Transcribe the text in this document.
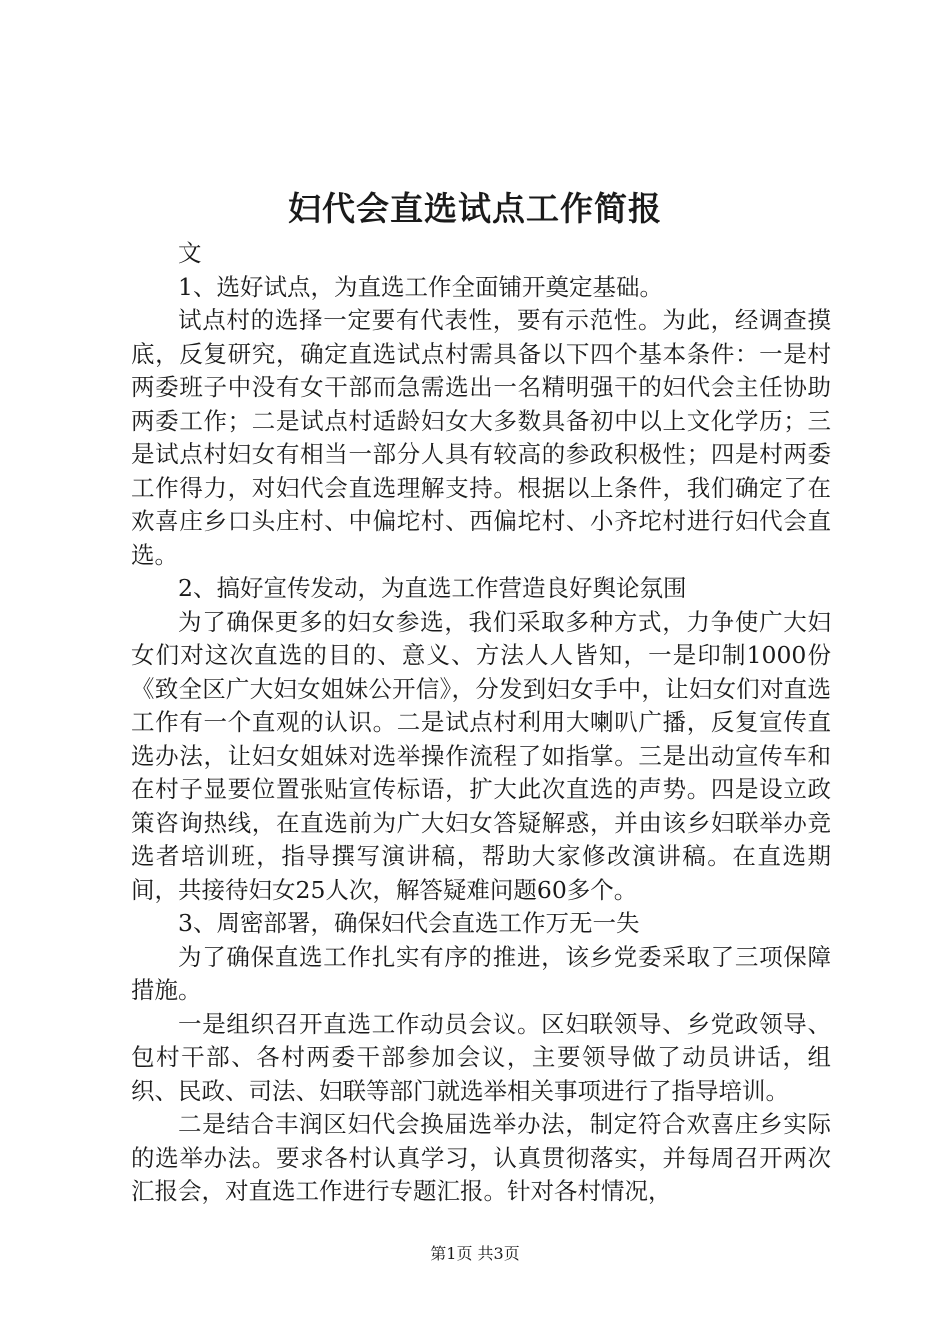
妇代会直选试点工作简报

文

1、选好试点，为直选工作全面铺开奠定基础。

试点村的选择一定要有代表性，要有示范性。为此，经调查摸底，反复研究，确定直选试点村需具备以下四个基本条件：一是村两委班子中没有女干部而急需选出一名精明强干的妇代会主任协助两委工作；二是试点村适龄妇女大多数具备初中以上文化学历；三是试点村妇女有相当一部分人具有较高的参政积极性；四是村两委工作得力，对妇代会直选理解支持。根据以上条件，我们确定了在欢喜庄乡口头庄村、中偏坨村、西偏坨村、小齐坨村进行妇代会直选。

2、搞好宣传发动，为直选工作营造良好舆论氛围

为了确保更多的妇女参选，我们采取多种方式，力争使广大妇女们对这次直选的目的、意义、方法人人皆知，一是印制1000份《致全区广大妇女姐妹公开信》，分发到妇女手中，让妇女们对直选工作有一个直观的认识。二是试点村利用大喇叭广播，反复宣传直选办法，让妇女姐妹对选举操作流程了如指掌。三是出动宣传车和在村子显要位置张贴宣传标语，扩大此次直选的声势。四是设立政策咨询热线，在直选前为广大妇女答疑解惑，并由该乡妇联举办竞选者培训班，指导撰写演讲稿，帮助大家修改演讲稿。在直选期间，共接待妇女25人次，解答疑难问题60多个。

3、周密部署，确保妇代会直选工作万无一失

为了确保直选工作扎实有序的推进，该乡党委采取了三项保障措施。

一是组织召开直选工作动员会议。区妇联领导、乡党政领导、包村干部、各村两委干部参加会议，主要领导做了动员讲话，组织、民政、司法、妇联等部门就选举相关事项进行了指导培训。

二是结合丰润区妇代会换届选举办法，制定符合欢喜庄乡实际的选举办法。要求各村认真学习，认真贯彻落实，并每周召开两次汇报会，对直选工作进行专题汇报。针对各村情况，

第1页 共3页
